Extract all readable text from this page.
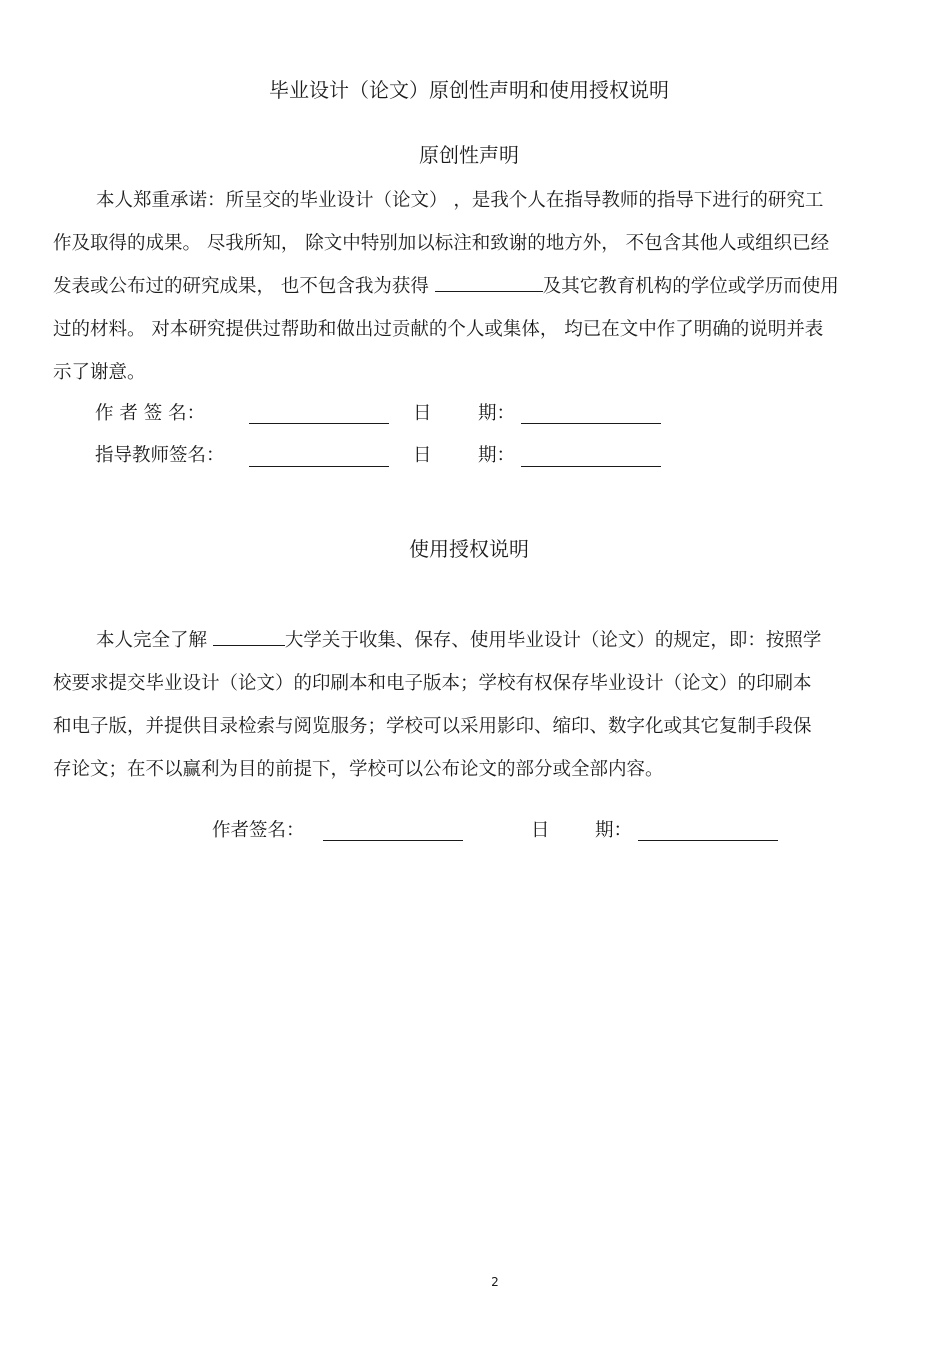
毕业设计（论文）原创性声明和使用授权说明
原创性声明
本人郑重承诺：所呈交的毕业设计（论文） ，是我个人在指导教师的指导下进行的研究工
作及取得的成果。 尽我所知， 除文中特别加以标注和致谢的地方外， 不包含其他人或组织已经
发表或公布过的研究成果， 也不包含我为获得	及其它教育机构的学位或学历而使用
过的材料。 对本研究提供过帮助和做出过贡献的个人或集体， 均已在文中作了明确的说明并表
示了谢意。
作 者 签 名：	日	期：
指导教师签名：	日	期：
使用授权说明
本人完全了解	大学关于收集、保存、使用毕业设计（论文）的规定，即：按照学
校要求提交毕业设计（论文）的印刷本和电子版本；学校有权保存毕业设计（论文）的印刷本
和电子版，并提供目录检索与阅览服务；学校可以采用影印、缩印、数字化或其它复制手段保
存论文；在不以赢利为目的前提下，学校可以公布论文的部分或全部内容。
作者签名：	日 期：
2
